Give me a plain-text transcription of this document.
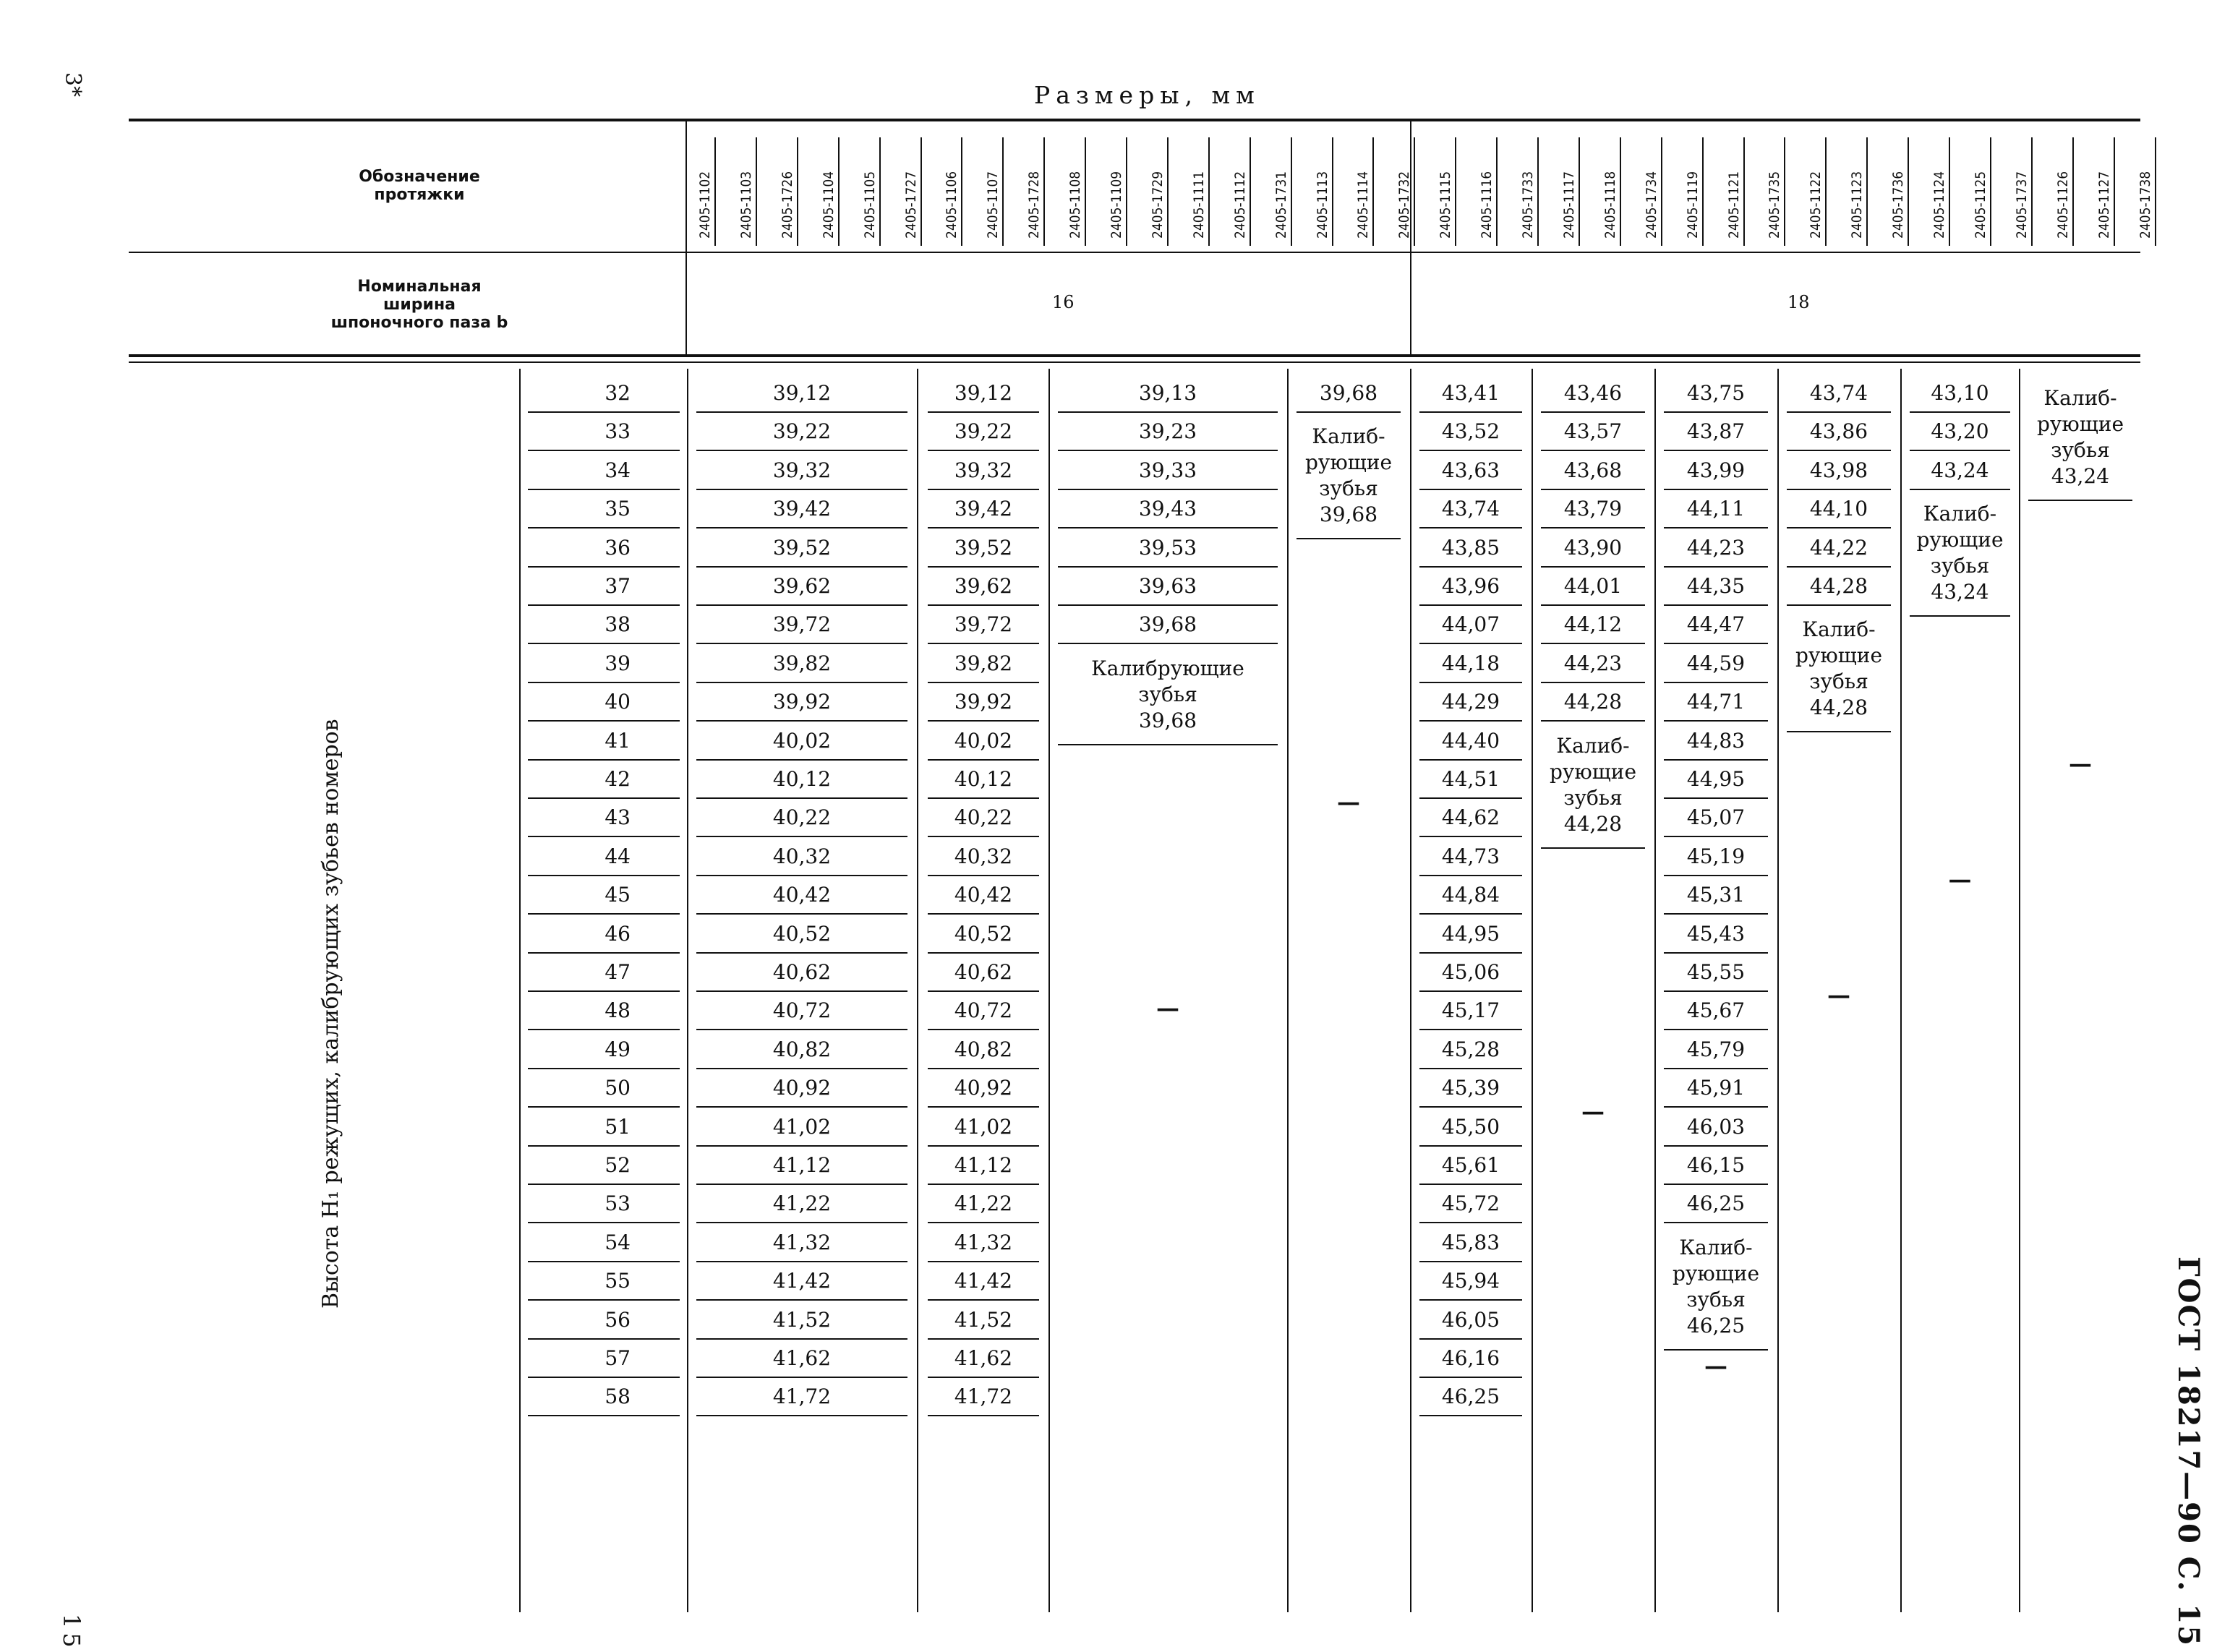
3*
15	ГОСТ 18217—90 С. 15
Размеры, мм
Обозначение
протяжки
Номинальная
ширина
шпоночного паза b
2405-1102 2405-1103 2405-1726 2405-1104 2405-1105 2405-1727 2405-1106 2405-1107 2405-1728 2405-1108 2405-1109 2405-1729 2405-1111 2405-1112 2405-1731 2405-1113 2405-1114 2405-1732 2405-1115 2405-1116 2405-1733 2405-1117 2405-1118 2405-1734 2405-1119 2405-1121 2405-1735 2405-1122 2405-1123 2405-1736 2405-1124 2405-1125 2405-1737 2405-1126 2405-1127 2405-1738
16	18
Высота H₁ режущих, калибрующих зубьев номеров
32
33
34
35
36
37
38
39
40
41
42
43
44
45
46
47
48
49
50
51
52
53
54
55
56
57
58
39,12
39,22
39,32
39,42
39,52
39,62
39,72
39,82
39,92
40,02
40,12
40,22
40,32
40,42
40,52
40,62
40,72
40,82
40,92
41,02
41,12
41,22
41,32
41,42
41,52
41,62
41,72
39,12
39,22
39,32
39,42
39,52
39,62
39,72
39,82
39,92
40,02
40,12
40,22
40,32
40,42
40,52
40,62
40,72
40,82
40,92
41,02
41,12
41,22
41,32
41,42
41,52
41,62
41,72
39,13
39,23
39,33
39,43
39,53
39,63
39,68
Калибрующие
зубья
39,68
—
39,68
Калиб-
рующие
зубья
39,68
—
43,41
43,52
43,63
43,74
43,85
43,96
44,07
44,18
44,29
44,40
44,51
44,62
44,73
44,84
44,95
45,06
45,17
45,28
45,39
45,50
45,61
45,72
45,83
45,94
46,05
46,16
46,25
43,46
43,57
43,68
43,79
43,90
44,01
44,12
44,23
44,28
Калиб-
рующие
зубья
44,28
—
43,75
43,87
43,99
44,11
44,23
44,35
44,47
44,59
44,71
44,83
44,95
45,07
45,19
45,31
45,43
45,55
45,67
45,79
45,91
46,03
46,15
46,25
Калиб-
рующие
зубья
46,25
—
43,74
43,86
43,98
44,10
44,22
44,28
Калиб-
рующие
зубья
44,28
—
43,10
43,20
43,24
Калиб-
рующие
зубья
43,24
—
Калиб-
рующие
зубья
43,24
—
